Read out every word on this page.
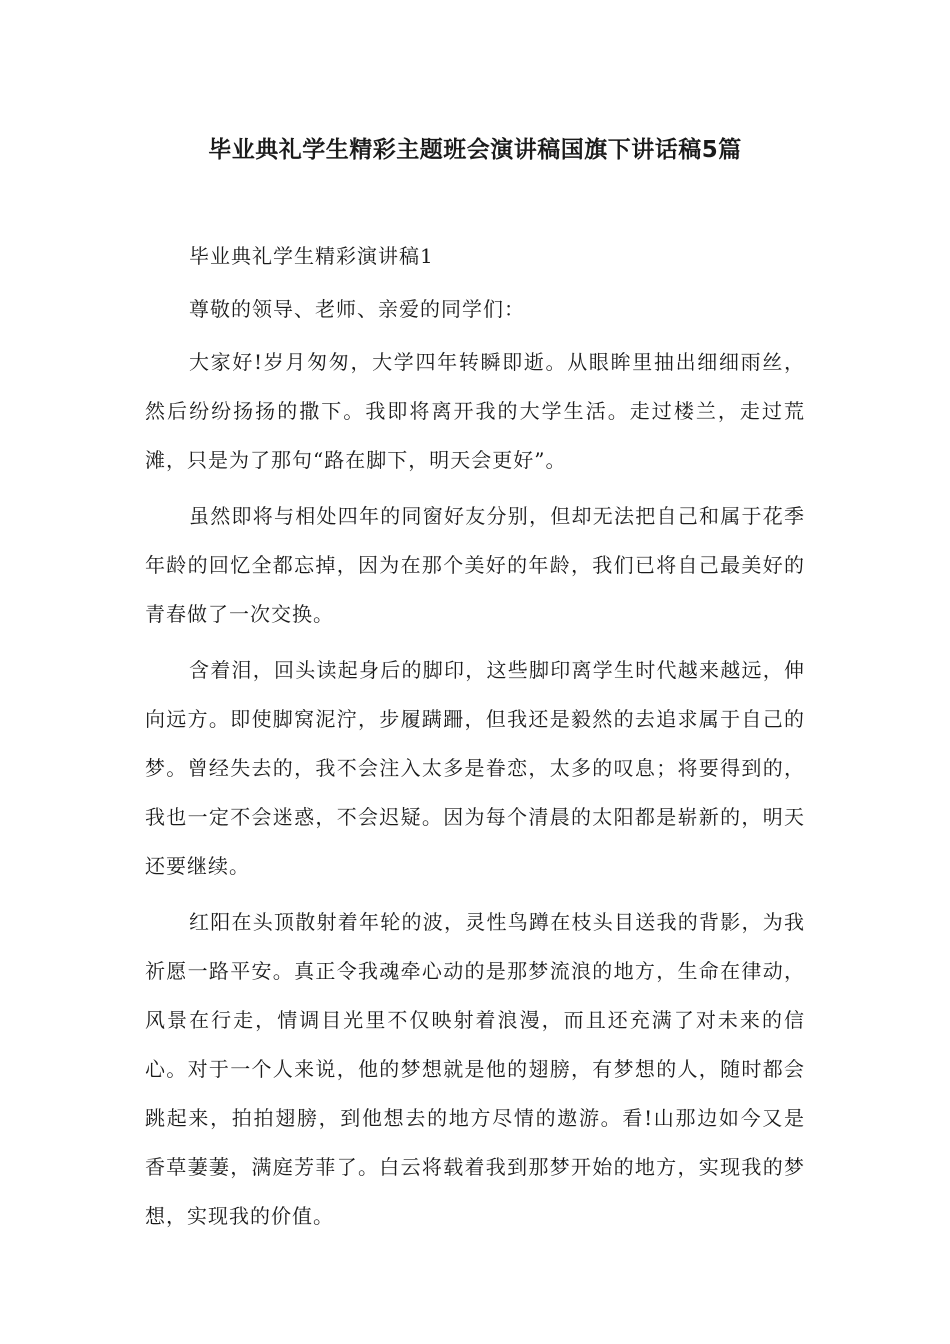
毕业典礼学生精彩主题班会演讲稿国旗下讲话稿5篇

毕业典礼学生精彩演讲稿1

尊敬的领导、老师、亲爱的同学们：

大家好!岁月匆匆，大学四年转瞬即逝。从眼眸里抽出细细雨丝，然后纷纷扬扬的撒下。我即将离开我的大学生活。走过楼兰，走过荒滩，只是为了那句“路在脚下，明天会更好”。

虽然即将与相处四年的同窗好友分别，但却无法把自己和属于花季年龄的回忆全都忘掉，因为在那个美好的年龄，我们已将自己最美好的青春做了一次交换。

含着泪，回头读起身后的脚印，这些脚印离学生时代越来越远，伸向远方。即使脚窝泥泞，步履蹒跚，但我还是毅然的去追求属于自己的梦。曾经失去的，我不会注入太多是眷恋，太多的叹息；将要得到的，我也一定不会迷惑，不会迟疑。因为每个清晨的太阳都是崭新的，明天还要继续。

红阳在头顶散射着年轮的波，灵性鸟蹲在枝头目送我的背影，为我祈愿一路平安。真正令我魂牵心动的是那梦流浪的地方，生命在律动，风景在行走，情调目光里不仅映射着浪漫，而且还充满了对未来的信心。对于一个人来说，他的梦想就是他的翅膀，有梦想的人，随时都会跳起来，拍拍翅膀，到他想去的地方尽情的遨游。看!山那边如今又是香草萋萋，满庭芳菲了。白云将载着我到那梦开始的地方，实现我的梦想，实现我的价值。
